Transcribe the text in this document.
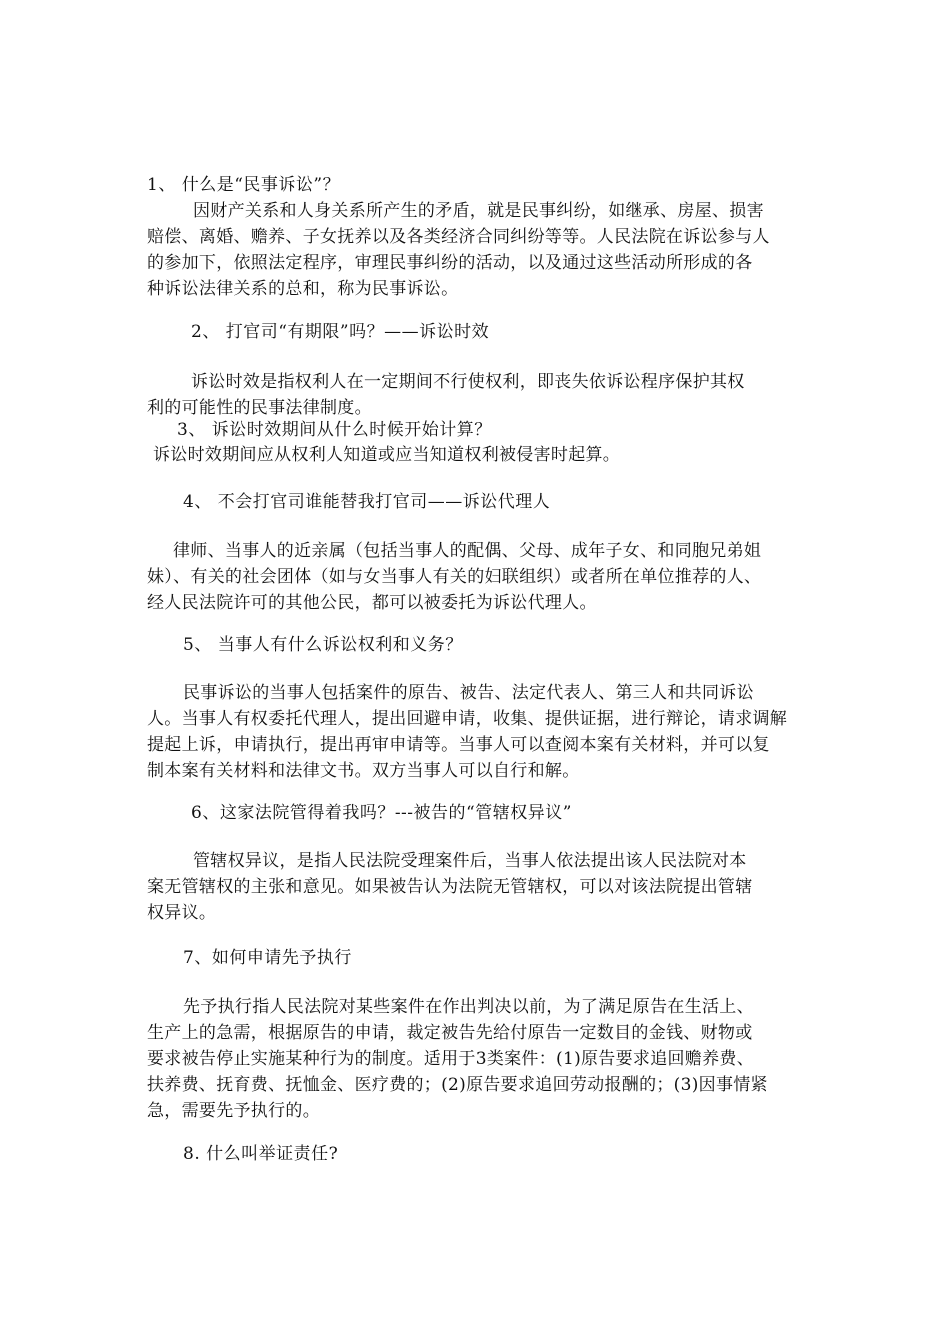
1、 什么是“民事诉讼”？
因财产关系和人身关系所产生的矛盾，就是民事纠纷，如继承、房屋、损害
赔偿、离婚、赡养、子女抚养以及各类经济合同纠纷等等。人民法院在诉讼参与人
的参加下，依照法定程序，审理民事纠纷的活动，以及通过这些活动所形成的各
种诉讼法律关系的总和，称为民事诉讼。
2、 打官司“有期限”吗？——诉讼时效
诉讼时效是指权利人在一定期间不行使权利，即丧失依诉讼程序保护其权
利的可能性的民事法律制度。
3、 诉讼时效期间从什么时候开始计算？
诉讼时效期间应从权利人知道或应当知道权利被侵害时起算。
4、 不会打官司谁能替我打官司——诉讼代理人
律师、当事人的近亲属（包括当事人的配偶、父母、成年子女、和同胞兄弟姐
妹）、有关的社会团体（如与女当事人有关的妇联组织）或者所在单位推荐的人、
经人民法院许可的其他公民，都可以被委托为诉讼代理人。
5、 当事人有什么诉讼权利和义务？
民事诉讼的当事人包括案件的原告、被告、法定代表人、第三人和共同诉讼
人。当事人有权委托代理人，提出回避申请，收集、提供证据，进行辩论，请求调解
提起上诉，申请执行，提出再审申请等。当事人可以查阅本案有关材料，并可以复
制本案有关材料和法律文书。双方当事人可以自行和解。
6、这家法院管得着我吗？---被告的“管辖权异议”
管辖权异议，是指人民法院受理案件后，当事人依法提出该人民法院对本
案无管辖权的主张和意见。如果被告认为法院无管辖权，可以对该法院提出管辖
权异议。
7、如何申请先予执行
先予执行指人民法院对某些案件在作出判决以前，为了满足原告在生活上、
生产上的急需，根据原告的申请，裁定被告先给付原告一定数目的金钱、财物或
要求被告停止实施某种行为的制度。适用于3类案件：(1)原告要求追回赡养费、
扶养费、抚育费、抚恤金、医疗费的；(2)原告要求追回劳动报酬的；(3)因事情紧
急，需要先予执行的。
8. 什么叫举证责任?
